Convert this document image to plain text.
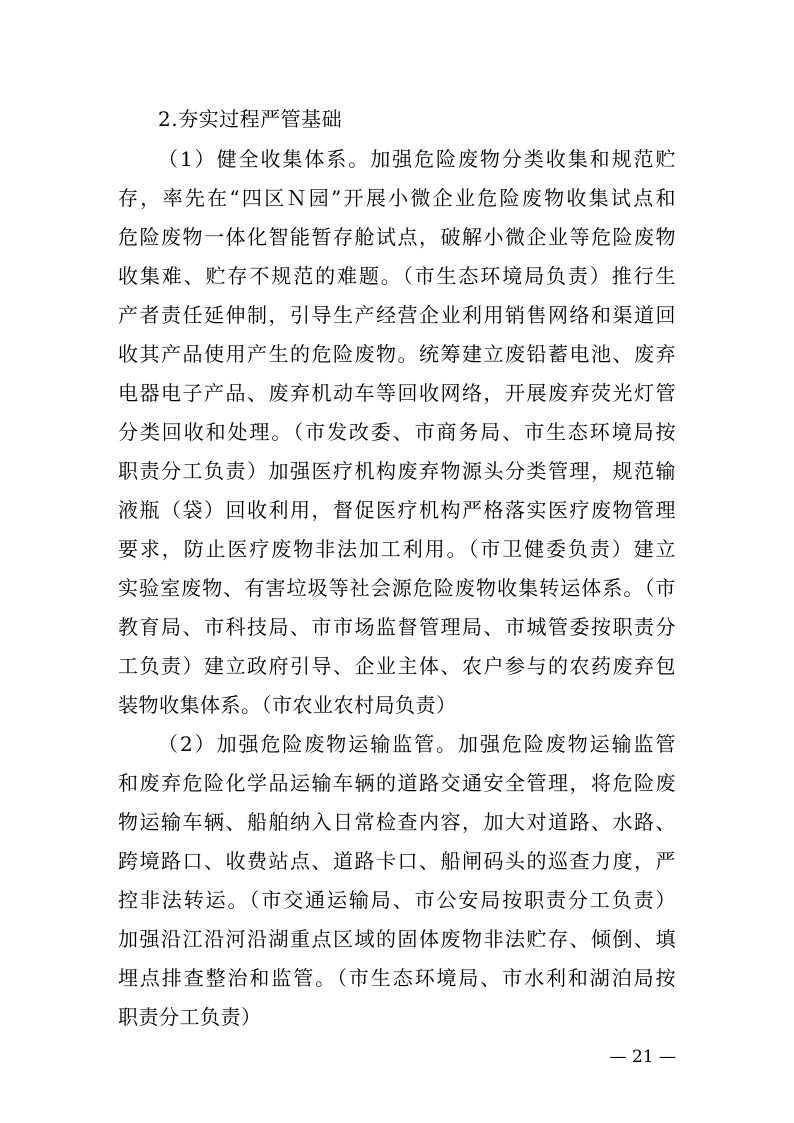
2.夯实过程严管基础
（1）健全收集体系。加强危险废物分类收集和规范贮
存，率先在“四区Ｎ园”开展小微企业危险废物收集试点和
危险废物一体化智能暂存舱试点，破解小微企业等危险废物
收集难、贮存不规范的难题。（市生态环境局负责）推行生
产者责任延伸制，引导生产经营企业利用销售网络和渠道回
收其产品使用产生的危险废物。统筹建立废铅蓄电池、废弃
电器电子产品、废弃机动车等回收网络，开展废弃荧光灯管
分类回收和处理。（市发改委、市商务局、市生态环境局按
职责分工负责）加强医疗机构废弃物源头分类管理，规范输
液瓶（袋）回收利用，督促医疗机构严格落实医疗废物管理
要求，防止医疗废物非法加工利用。（市卫健委负责）建立
实验室废物、有害垃圾等社会源危险废物收集转运体系。（市
教育局、市科技局、市市场监督管理局、市城管委按职责分
工负责）建立政府引导、企业主体、农户参与的农药废弃包
装物收集体系。（市农业农村局负责）
（2）加强危险废物运输监管。加强危险废物运输监管
和废弃危险化学品运输车辆的道路交通安全管理，将危险废
物运输车辆、船舶纳入日常检查内容，加大对道路、水路、
跨境路口、收费站点、道路卡口、船闸码头的巡查力度，严
控非法转运。（市交通运输局、市公安局按职责分工负责）
加强沿江沿河沿湖重点区域的固体废物非法贮存、倾倒、填
埋点排查整治和监管。（市生态环境局、市水利和湖泊局按
职责分工负责）
— 21 —
